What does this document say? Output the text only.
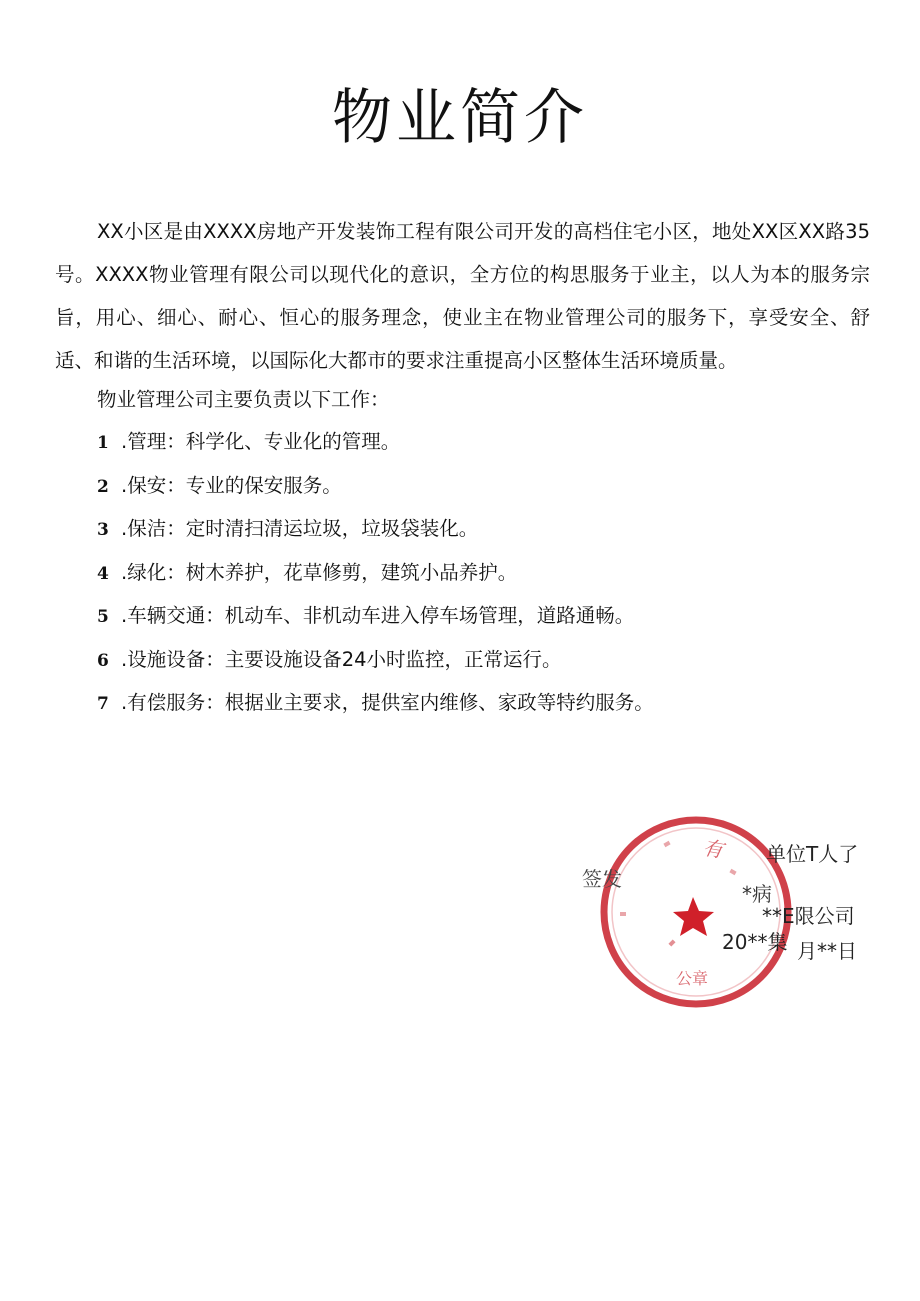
物业简介

XX小区是由XXXX房地产开发装饰工程有限公司开发的高档住宅小区，地处XX区XX路35号。XXXX物业管理有限公司以现代化的意识，全方位的构思服务于业主，以人为本的服务宗旨，用心、细心、耐心、恒心的服务理念，使业主在物业管理公司的服务下，享受安全、舒适、和谐的生活环境，以国际化大都市的要求注重提高小区整体生活环境质量。

物业管理公司主要负责以下工作：

1 .管理：科学化、专业化的管理。
2 .保安：专业的保安服务。
3 .保洁：定时清扫清运垃圾，垃圾袋装化。
4 .绿化：树木养护，花草修剪，建筑小品养护。
5 .车辆交通：机动车、非机动车进入停车场管理，道路通畅。
6 .设施设备：主要设施设备24小时监控，正常运行。
7 .有偿服务：根据业主要求，提供室内维修、家政等特约服务。
有
公章
单位T人了
签发
*病
**E限公司
20**集 月**日
